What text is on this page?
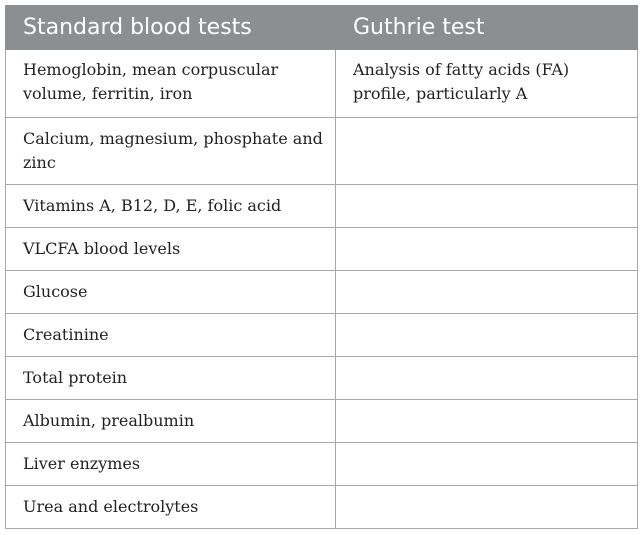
Standard blood tests	Guthrie test
Hemoglobin, mean corpuscular volume, ferritin, iron	Analysis of fatty acids (FA) profile, particularly A
Calcium, magnesium, phosphate and zinc	
Vitamins A, B12, D, E, folic acid	
VLCFA blood levels	
Glucose	
Creatinine	
Total protein	
Albumin, prealbumin	
Liver enzymes	
Urea and electrolytes	
